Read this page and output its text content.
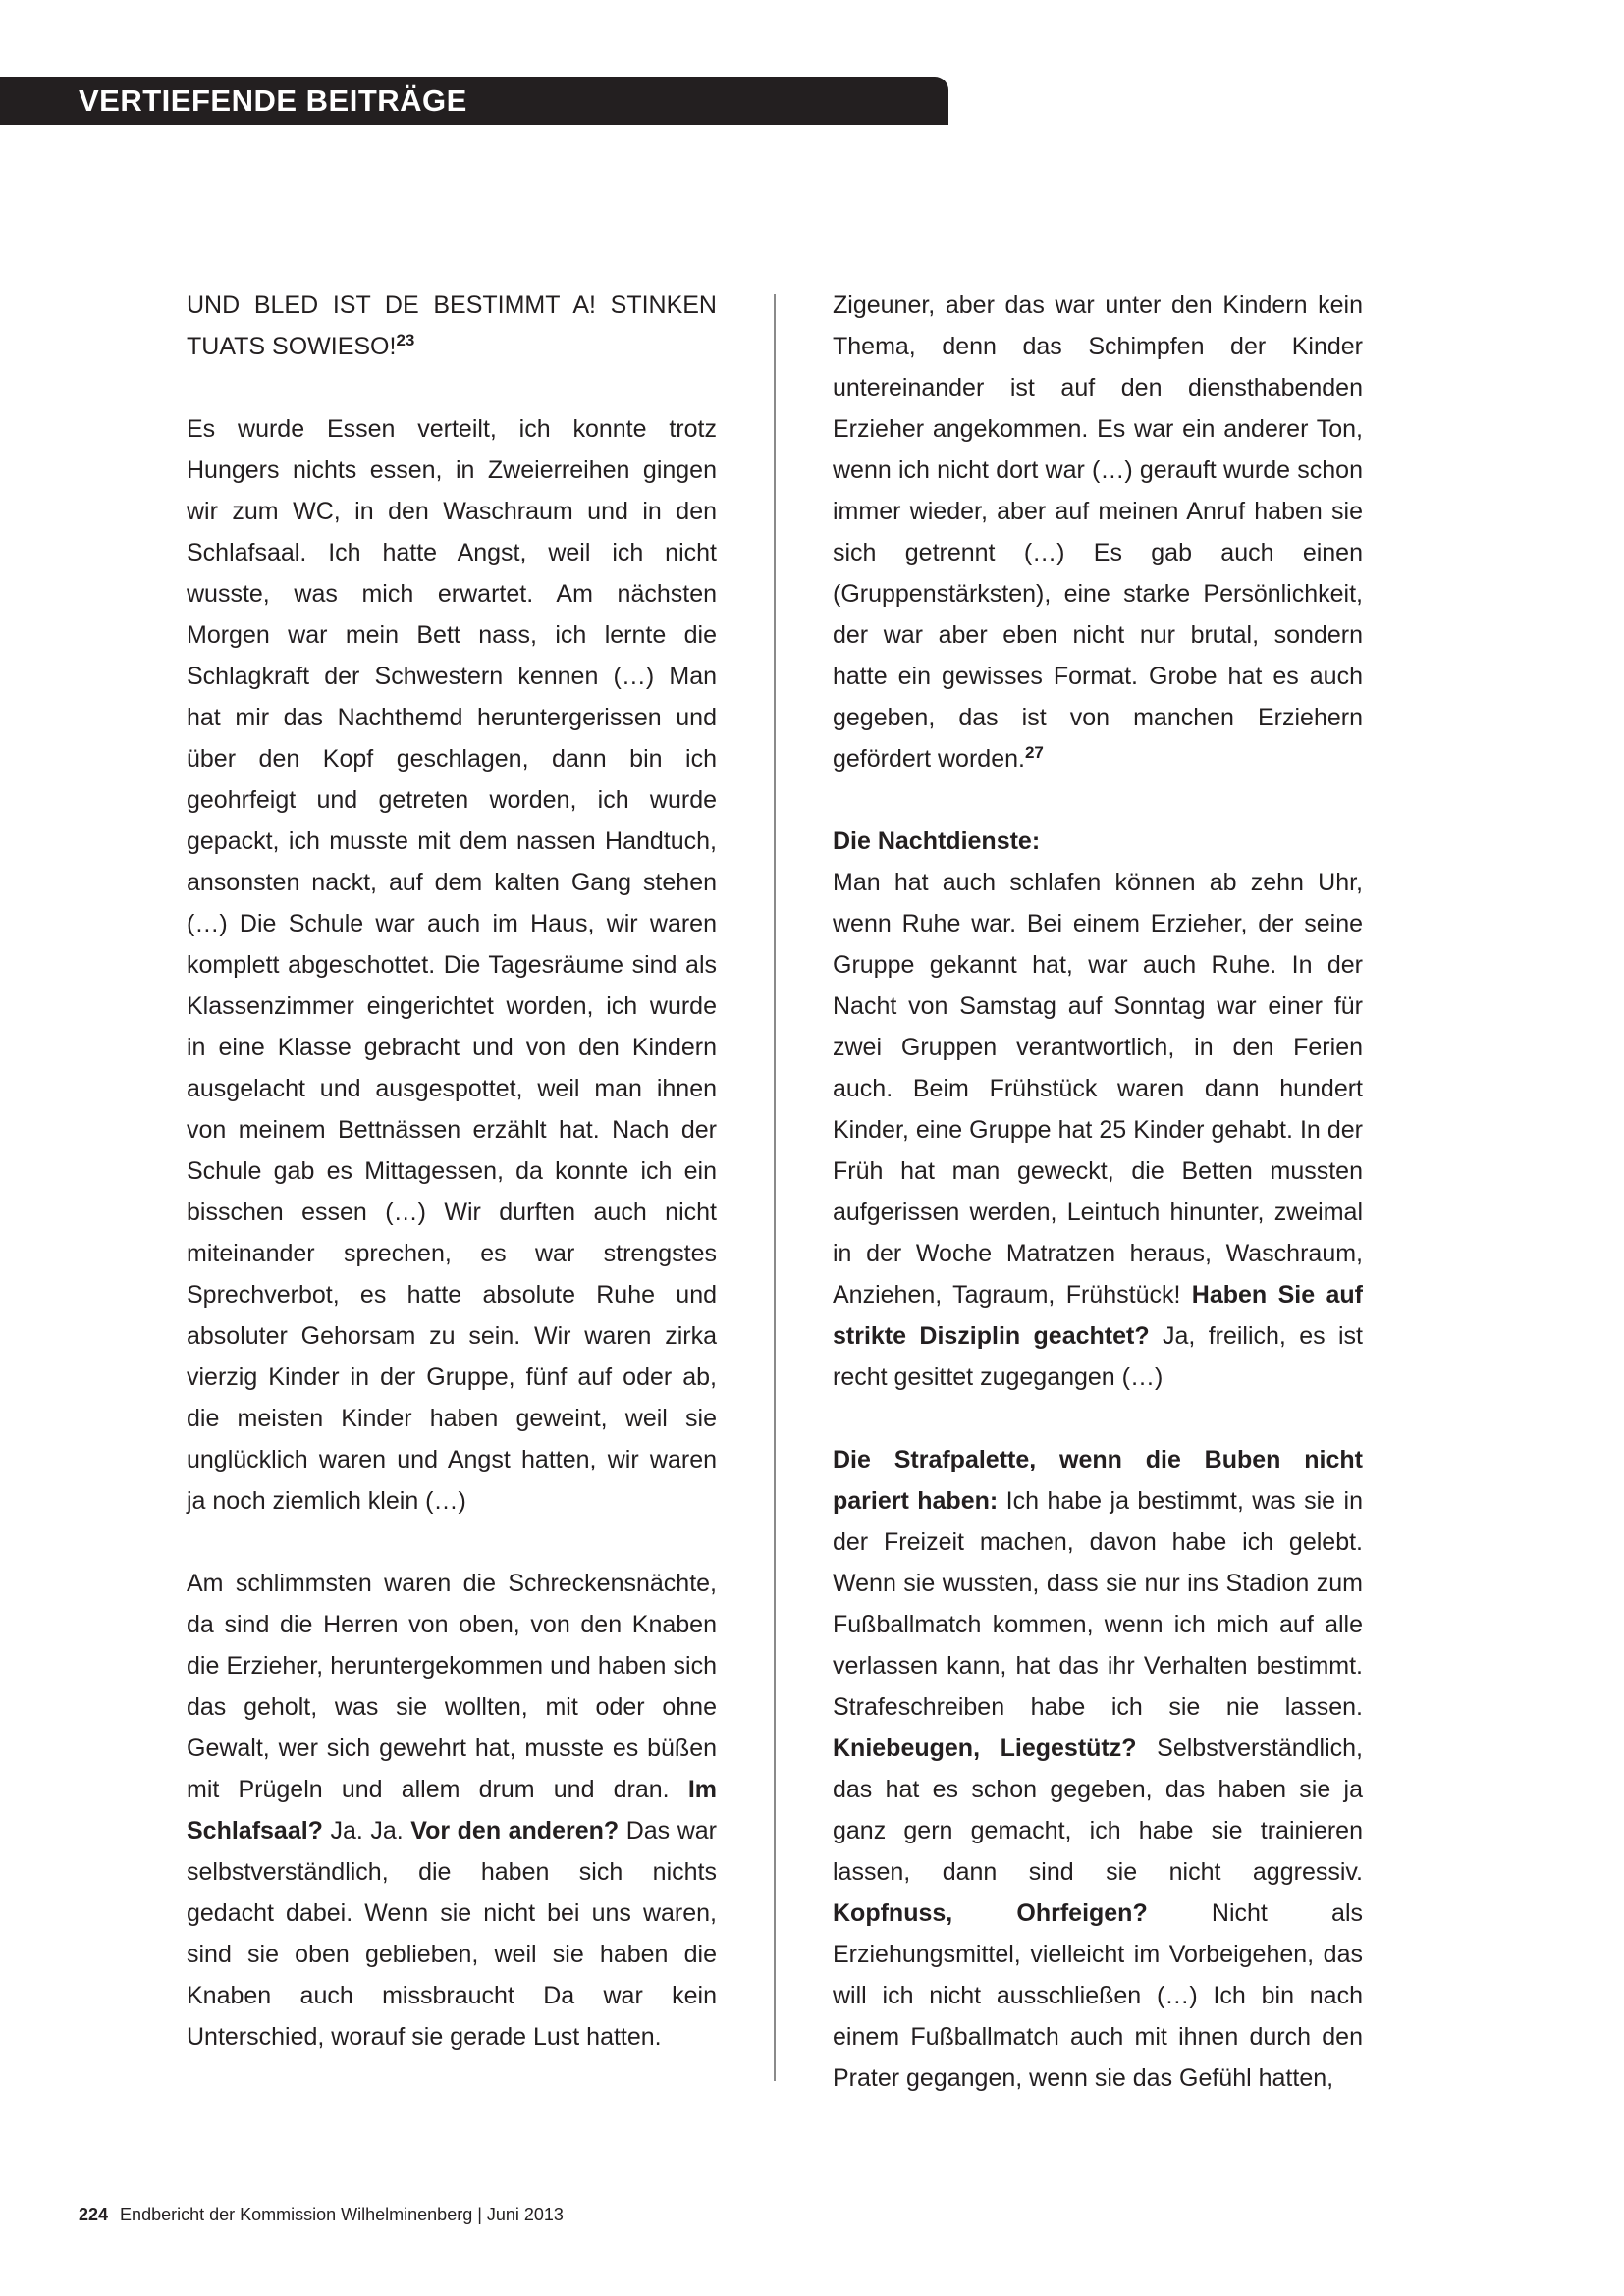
VERTIEFENDE BEITRÄGE

UND BLED IST DE BESTIMMT A! STINKEN TUATS SOWIESO!$^{23}$

Es wurde Essen verteilt, ich konnte trotz Hungers nichts essen, in Zweierreihen gingen wir zum WC, in den Waschraum und in den Schlafsaal. Ich hatte Angst, weil ich nicht wusste, was mich erwartet. Am nächsten Morgen war mein Bett nass, ich lernte die Schlagkraft der Schwestern kennen (…) Man hat mir das Nachthemd heruntergerissen und über den Kopf geschlagen, dann bin ich geohrfeigt und getreten worden, ich wurde gepackt, ich musste mit dem nassen Handtuch, ansonsten nackt, auf dem kalten Gang stehen (…) Die Schule war auch im Haus, wir waren komplett abgeschottet. Die Tagesräume sind als Klassenzimmer eingerichtet worden, ich wurde in eine Klasse gebracht und von den Kindern ausgelacht und ausgespottet, weil man ihnen von meinem Bettnässen erzählt hat. Nach der Schule gab es Mittagessen, da konnte ich ein bisschen essen (…) Wir durften auch nicht miteinander sprechen, es war strengstes Sprechverbot, es hatte absolute Ruhe und absoluter Gehorsam zu sein. Wir waren zirka vierzig Kinder in der Gruppe, fünf auf oder ab, die meisten Kinder haben geweint, weil sie unglücklich waren und Angst hatten, wir waren ja noch ziemlich klein (…)

Am schlimmsten waren die Schreckensnächte, da sind die Herren von oben, von den Knaben die Erzieher, heruntergekommen und haben sich das geholt, was sie wollten, mit oder ohne Gewalt, wer sich gewehrt hat, musste es büßen mit Prügeln und allem drum und dran. Im Schlafsaal? Ja. Ja. Vor den anderen? Das war selbstverständlich, die haben sich nichts gedacht dabei. Wenn sie nicht bei uns waren, sind sie oben geblieben, weil sie haben die Knaben auch missbraucht Da war kein Unterschied, worauf sie gerade Lust hatten.

Zigeuner, aber das war unter den Kindern kein Thema, denn das Schimpfen der Kinder untereinander ist auf den diensthabenden Erzieher angekommen. Es war ein anderer Ton, wenn ich nicht dort war (…) gerauft wurde schon immer wieder, aber auf meinen Anruf haben sie sich getrennt (…) Es gab auch einen (Gruppenstärksten), eine starke Persönlichkeit, der war aber eben nicht nur brutal, sondern hatte ein gewisses Format. Grobe hat es auch gegeben, das ist von manchen Erziehern gefördert worden.$^{27}$

Die Nachtdienste:
Man hat auch schlafen können ab zehn Uhr, wenn Ruhe war. Bei einem Erzieher, der seine Gruppe gekannt hat, war auch Ruhe. In der Nacht von Samstag auf Sonntag war einer für zwei Gruppen verantwortlich, in den Ferien auch. Beim Frühstück waren dann hundert Kinder, eine Gruppe hat 25 Kinder gehabt. In der Früh hat man geweckt, die Betten mussten aufgerissen werden, Leintuch hinunter, zweimal in der Woche Matratzen heraus, Waschraum, Anziehen, Tagraum, Frühstück! Haben Sie auf strikte Disziplin geachtet? Ja, freilich, es ist recht gesittet zugegangen (…)

Die Strafpalette, wenn die Buben nicht pariert haben: Ich habe ja bestimmt, was sie in der Freizeit machen, davon habe ich gelebt. Wenn sie wussten, dass sie nur ins Stadion zum Fußballmatch kommen, wenn ich mich auf alle verlassen kann, hat das ihr Verhalten bestimmt. Strafeschreiben habe ich sie nie lassen. Kniebeugen, Liegestütz? Selbstverständlich, das hat es schon gegeben, das haben sie ja ganz gern gemacht, ich habe sie trainieren lassen, dann sind sie nicht aggressiv. Kopfnuss, Ohrfeigen? Nicht als Erziehungsmittel, vielleicht im Vorbeigehen, das will ich nicht ausschließen (…) Ich bin nach einem Fußballmatch auch mit ihnen durch den Prater gegangen, wenn sie das Gefühl hatten,

224 Endbericht der Kommission Wilhelminenberg | Juni 2013
